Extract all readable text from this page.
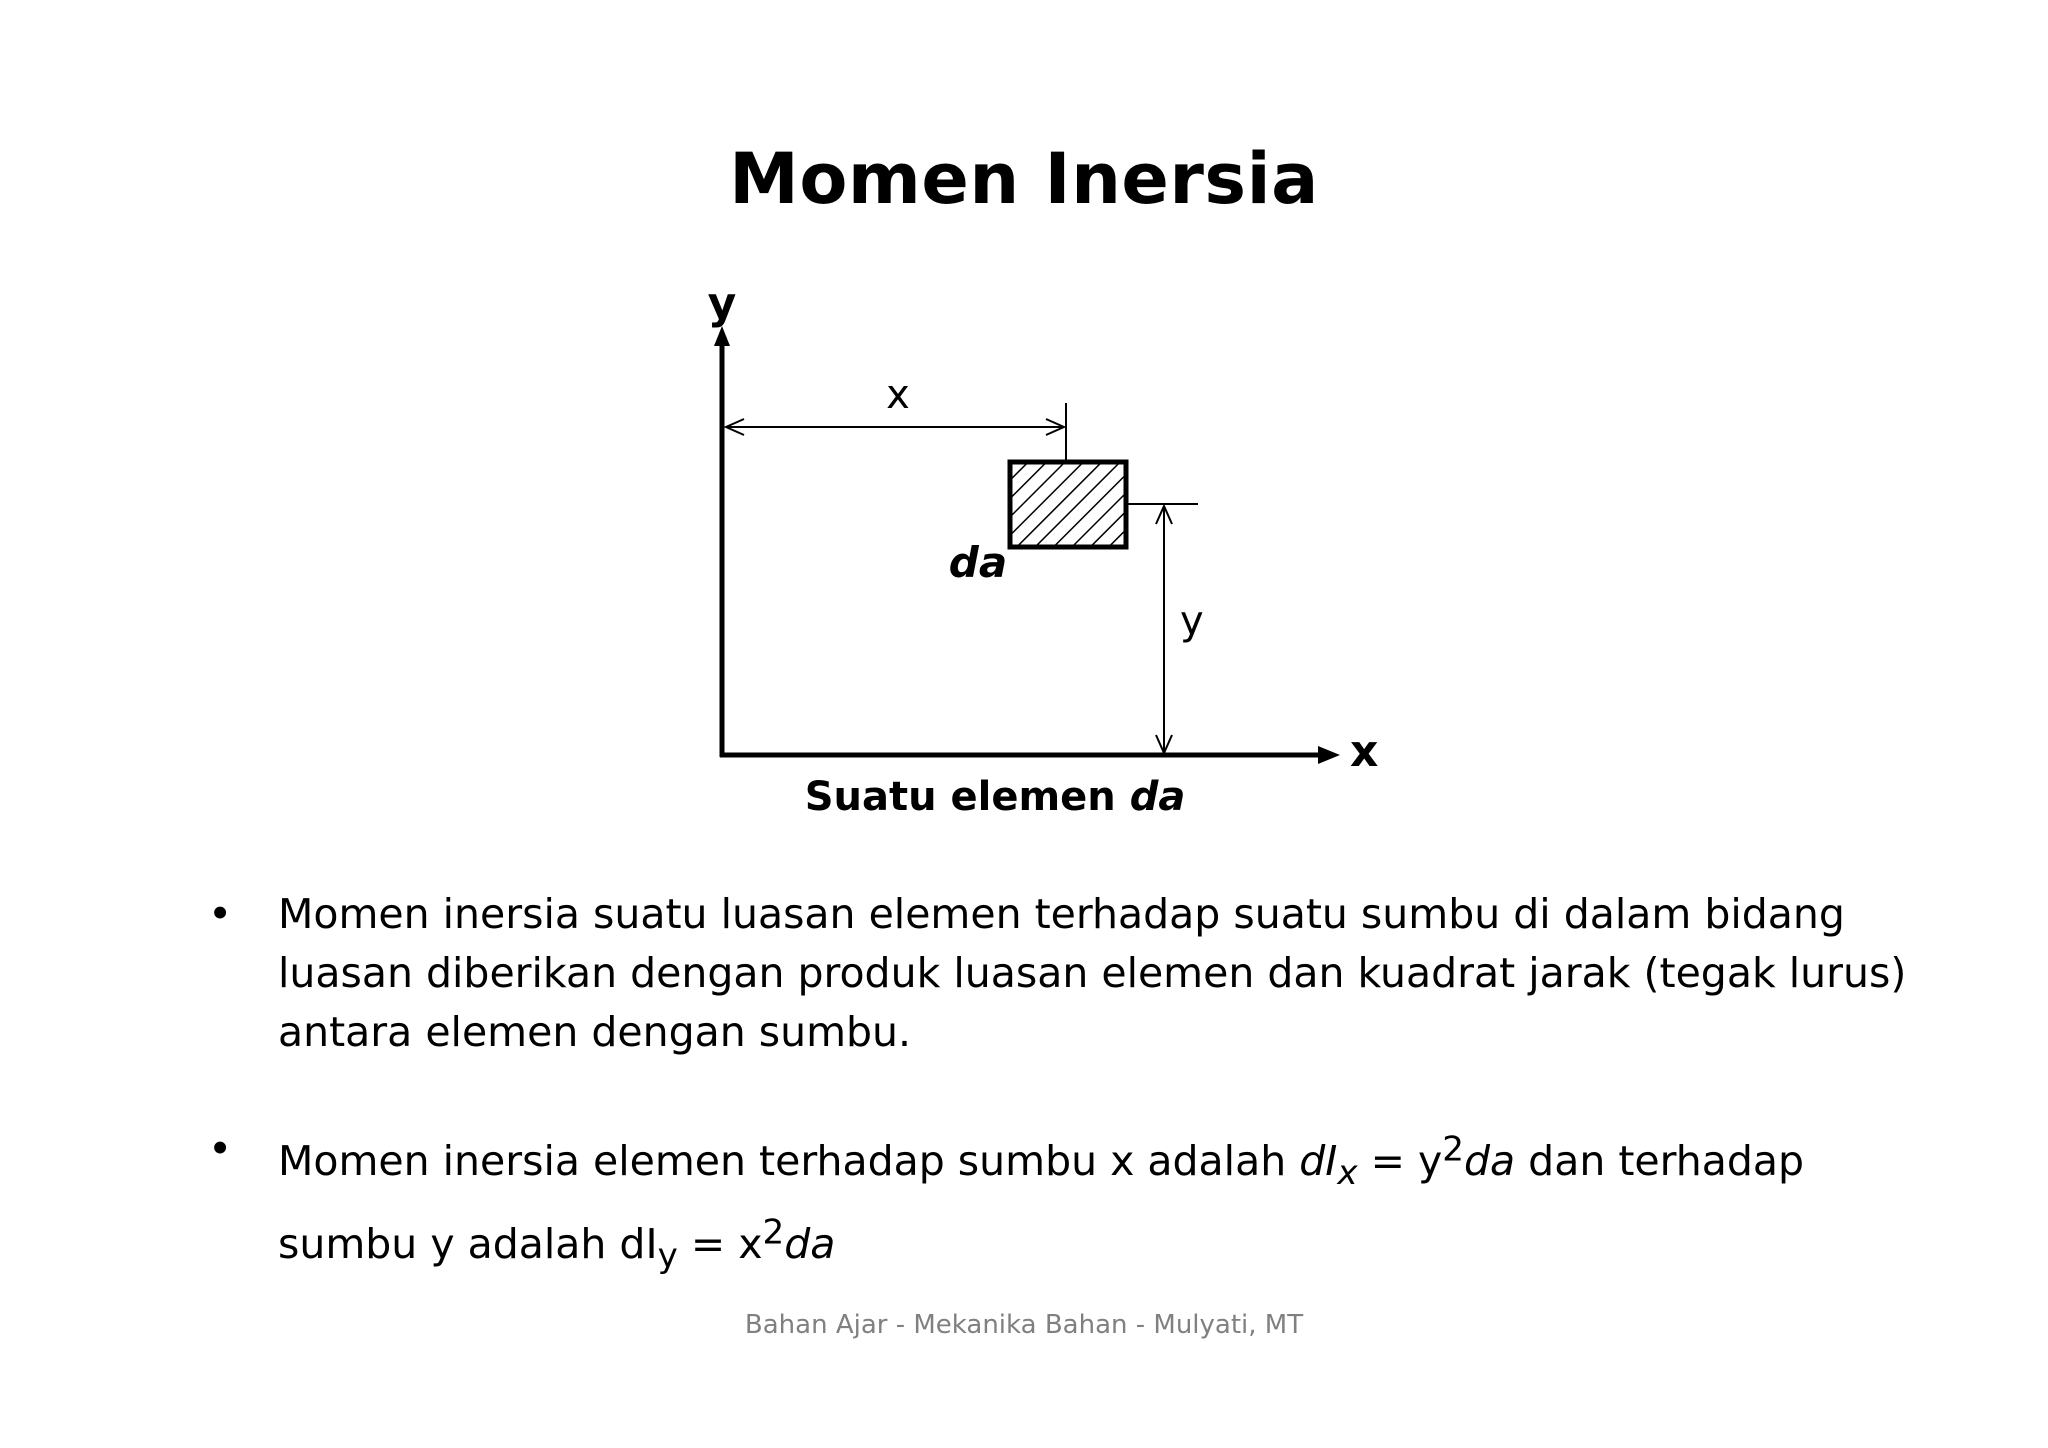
Momen Inersia
y
x
x
da
y
Suatu elemen da
• Momen inersia suatu luasan elemen terhadap suatu sumbu di dalam bidang luasan diberikan dengan produk luasan elemen dan kuadrat jarak (tegak lurus) antara elemen dengan sumbu.
• Momen inersia elemen terhadap sumbu x adalah $dI_x = y^2da$ dan terhadap sumbu y adalah $dI_y = x^2da$
Bahan Ajar - Mekanika Bahan - Mulyati, MT
